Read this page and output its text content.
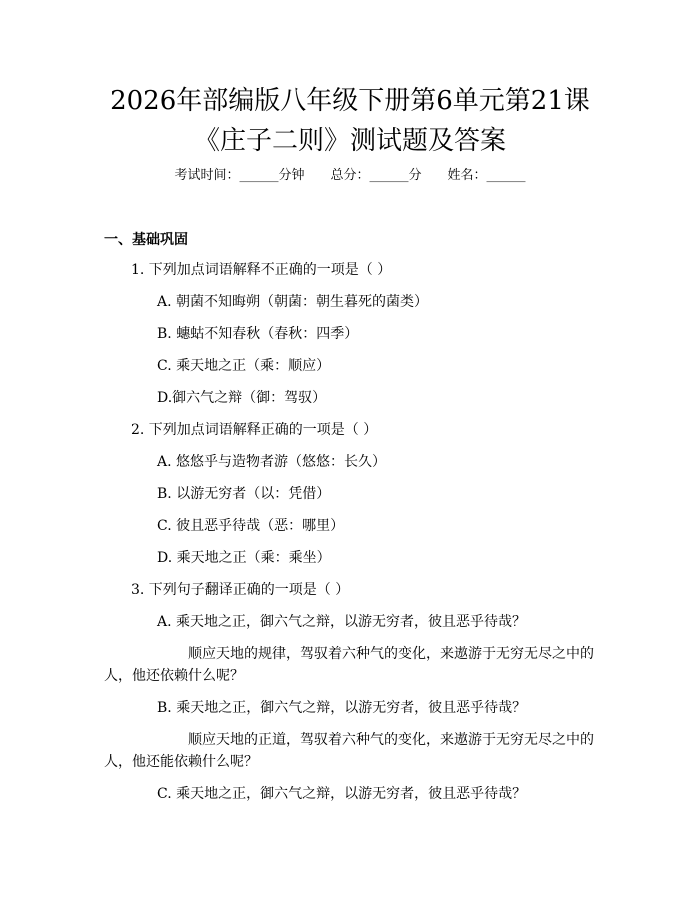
2026年部编版八年级下册第6单元第21课
《庄子二则》测试题及答案
考试时间：______分钟 总分：______分 姓名：______
一、基础巩固
1. 下列加点词语解释不正确的一项是（ ）
A. 朝菌不知晦朔（朝菌：朝生暮死的菌类）
B. 蟪蛄不知春秋（春秋：四季）
C. 乘天地之正（乘：顺应）
D.御六气之辩（御：驾驭）
2. 下列加点词语解释正确的一项是（ ）
A. 悠悠乎与造物者游（悠悠：长久）
B. 以游无穷者（以：凭借）
C. 彼且恶乎待哉（恶：哪里）
D. 乘天地之正（乘：乘坐）
3. 下列句子翻译正确的一项是（ ）
A. 乘天地之正，御六气之辩，以游无穷者，彼且恶乎待哉？
顺应天地的规律，驾驭着六种气的变化，来遨游于无穷无尽之中的
人，他还依赖什么呢？
B. 乘天地之正，御六气之辩，以游无穷者，彼且恶乎待哉？
顺应天地的正道，驾驭着六种气的变化，来遨游于无穷无尽之中的
人，他还能依赖什么呢？
C. 乘天地之正，御六气之辩，以游无穷者，彼且恶乎待哉？
